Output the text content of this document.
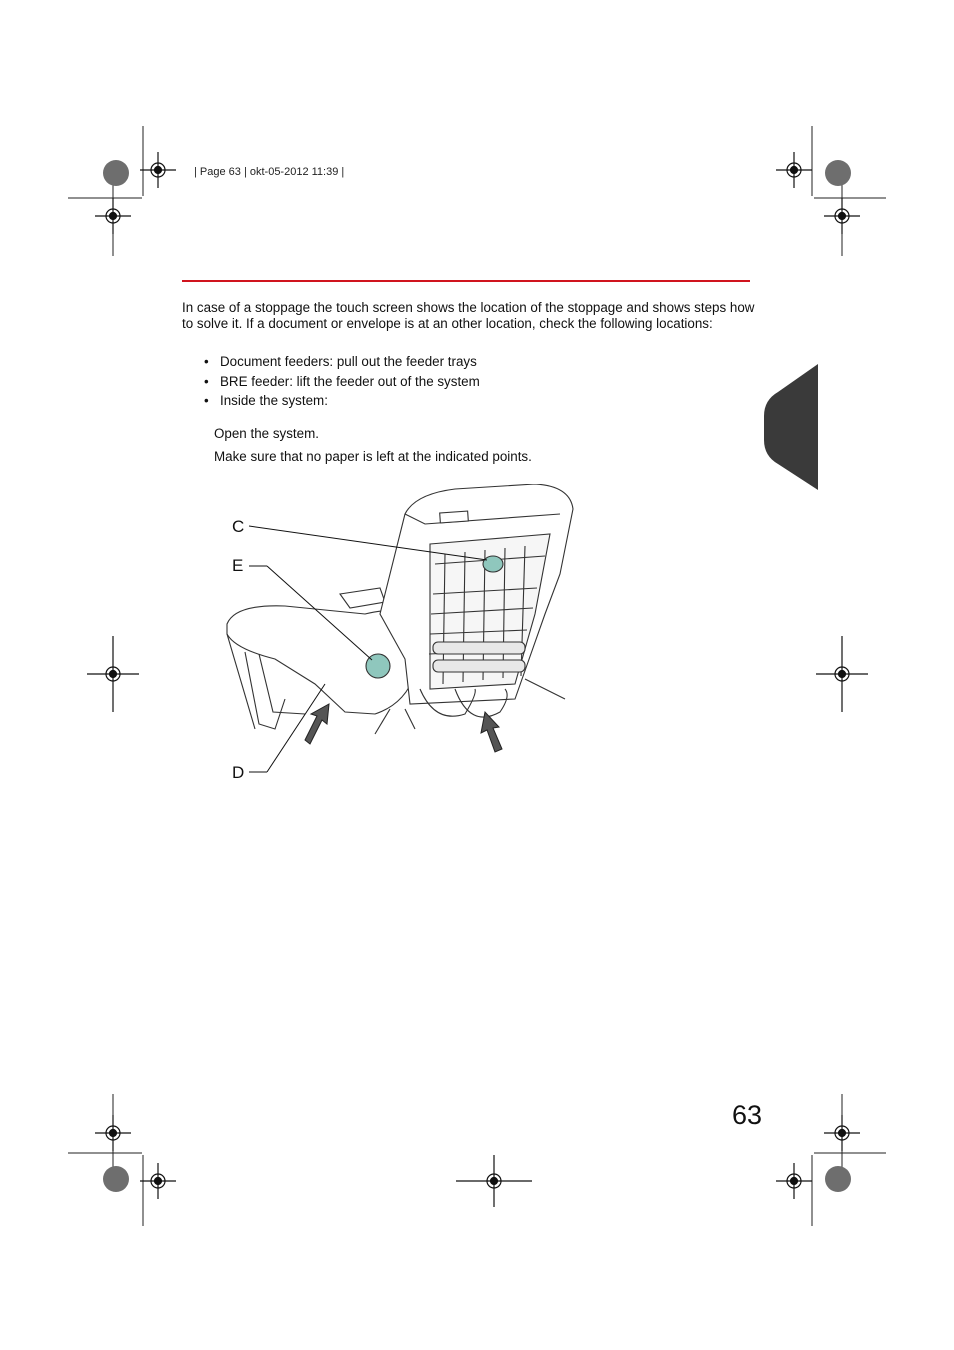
| Page 63 | okt-05-2012 11:39 |
In case of a stoppage the touch screen shows the location of the stoppage and shows steps how to solve it. If a document or envelope is at an other location, check the following locations:
• Document feeders: pull out the feeder trays
• BRE feeder: lift the feeder out of the system
• Inside the system:
Open the system.
Make sure that no paper is left at the indicated points.
C
E
D
63
